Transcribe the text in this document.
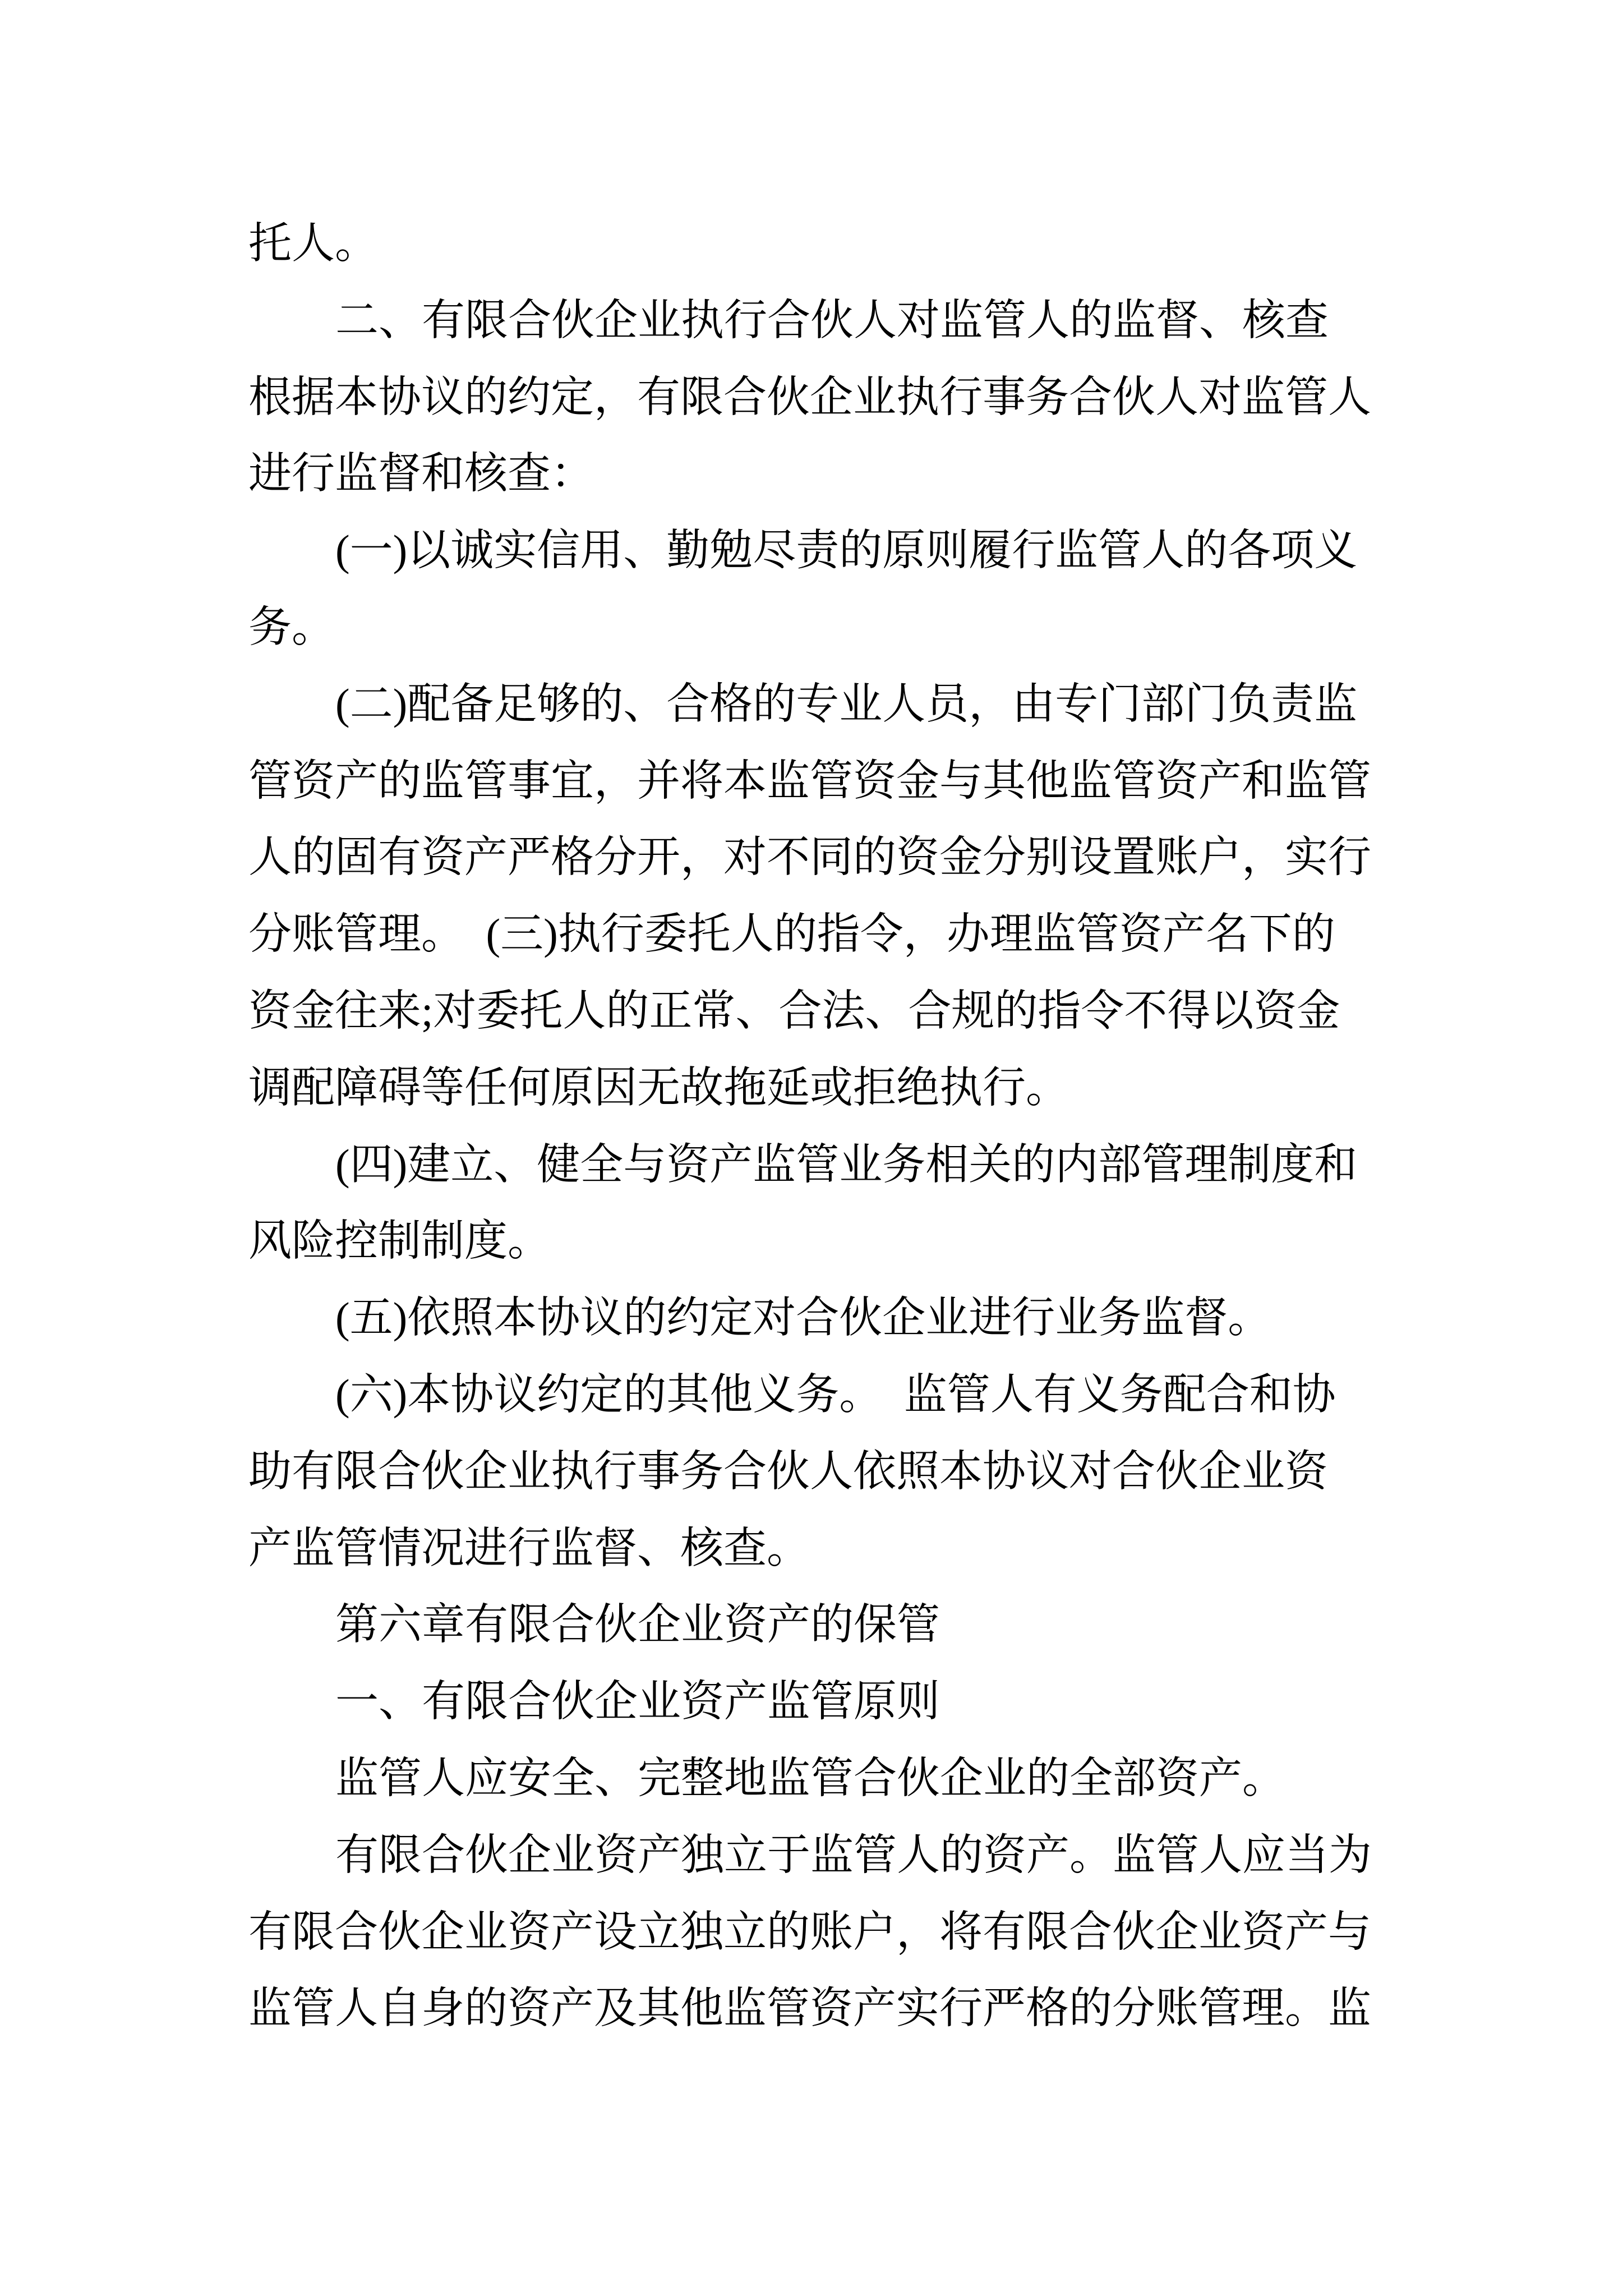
托人。
二、有限合伙企业执行合伙人对监管人的监督、核查
根据本协议的约定，有限合伙企业执行事务合伙人对监管人
进行监督和核查：
(一)以诚实信用、勤勉尽责的原则履行监管人的各项义
务。
(二)配备足够的、合格的专业人员，由专门部门负责监
管资产的监管事宜，并将本监管资金与其他监管资产和监管
人的固有资产严格分开，对不同的资金分别设置账户，实行
分账管理。　(三)执行委托人的指令，办理监管资产名下的
资金往来;对委托人的正常、合法、合规的指令不得以资金
调配障碍等任何原因无故拖延或拒绝执行。
(四)建立、健全与资产监管业务相关的内部管理制度和
风险控制制度。
(五)依照本协议的约定对合伙企业进行业务监督。
(六)本协议约定的其他义务。　监管人有义务配合和协
助有限合伙企业执行事务合伙人依照本协议对合伙企业资
产监管情况进行监督、核查。
第六章有限合伙企业资产的保管
一、有限合伙企业资产监管原则
监管人应安全、完整地监管合伙企业的全部资产。
有限合伙企业资产独立于监管人的资产。监管人应当为
有限合伙企业资产设立独立的账户，将有限合伙企业资产与
监管人自身的资产及其他监管资产实行严格的分账管理。监
